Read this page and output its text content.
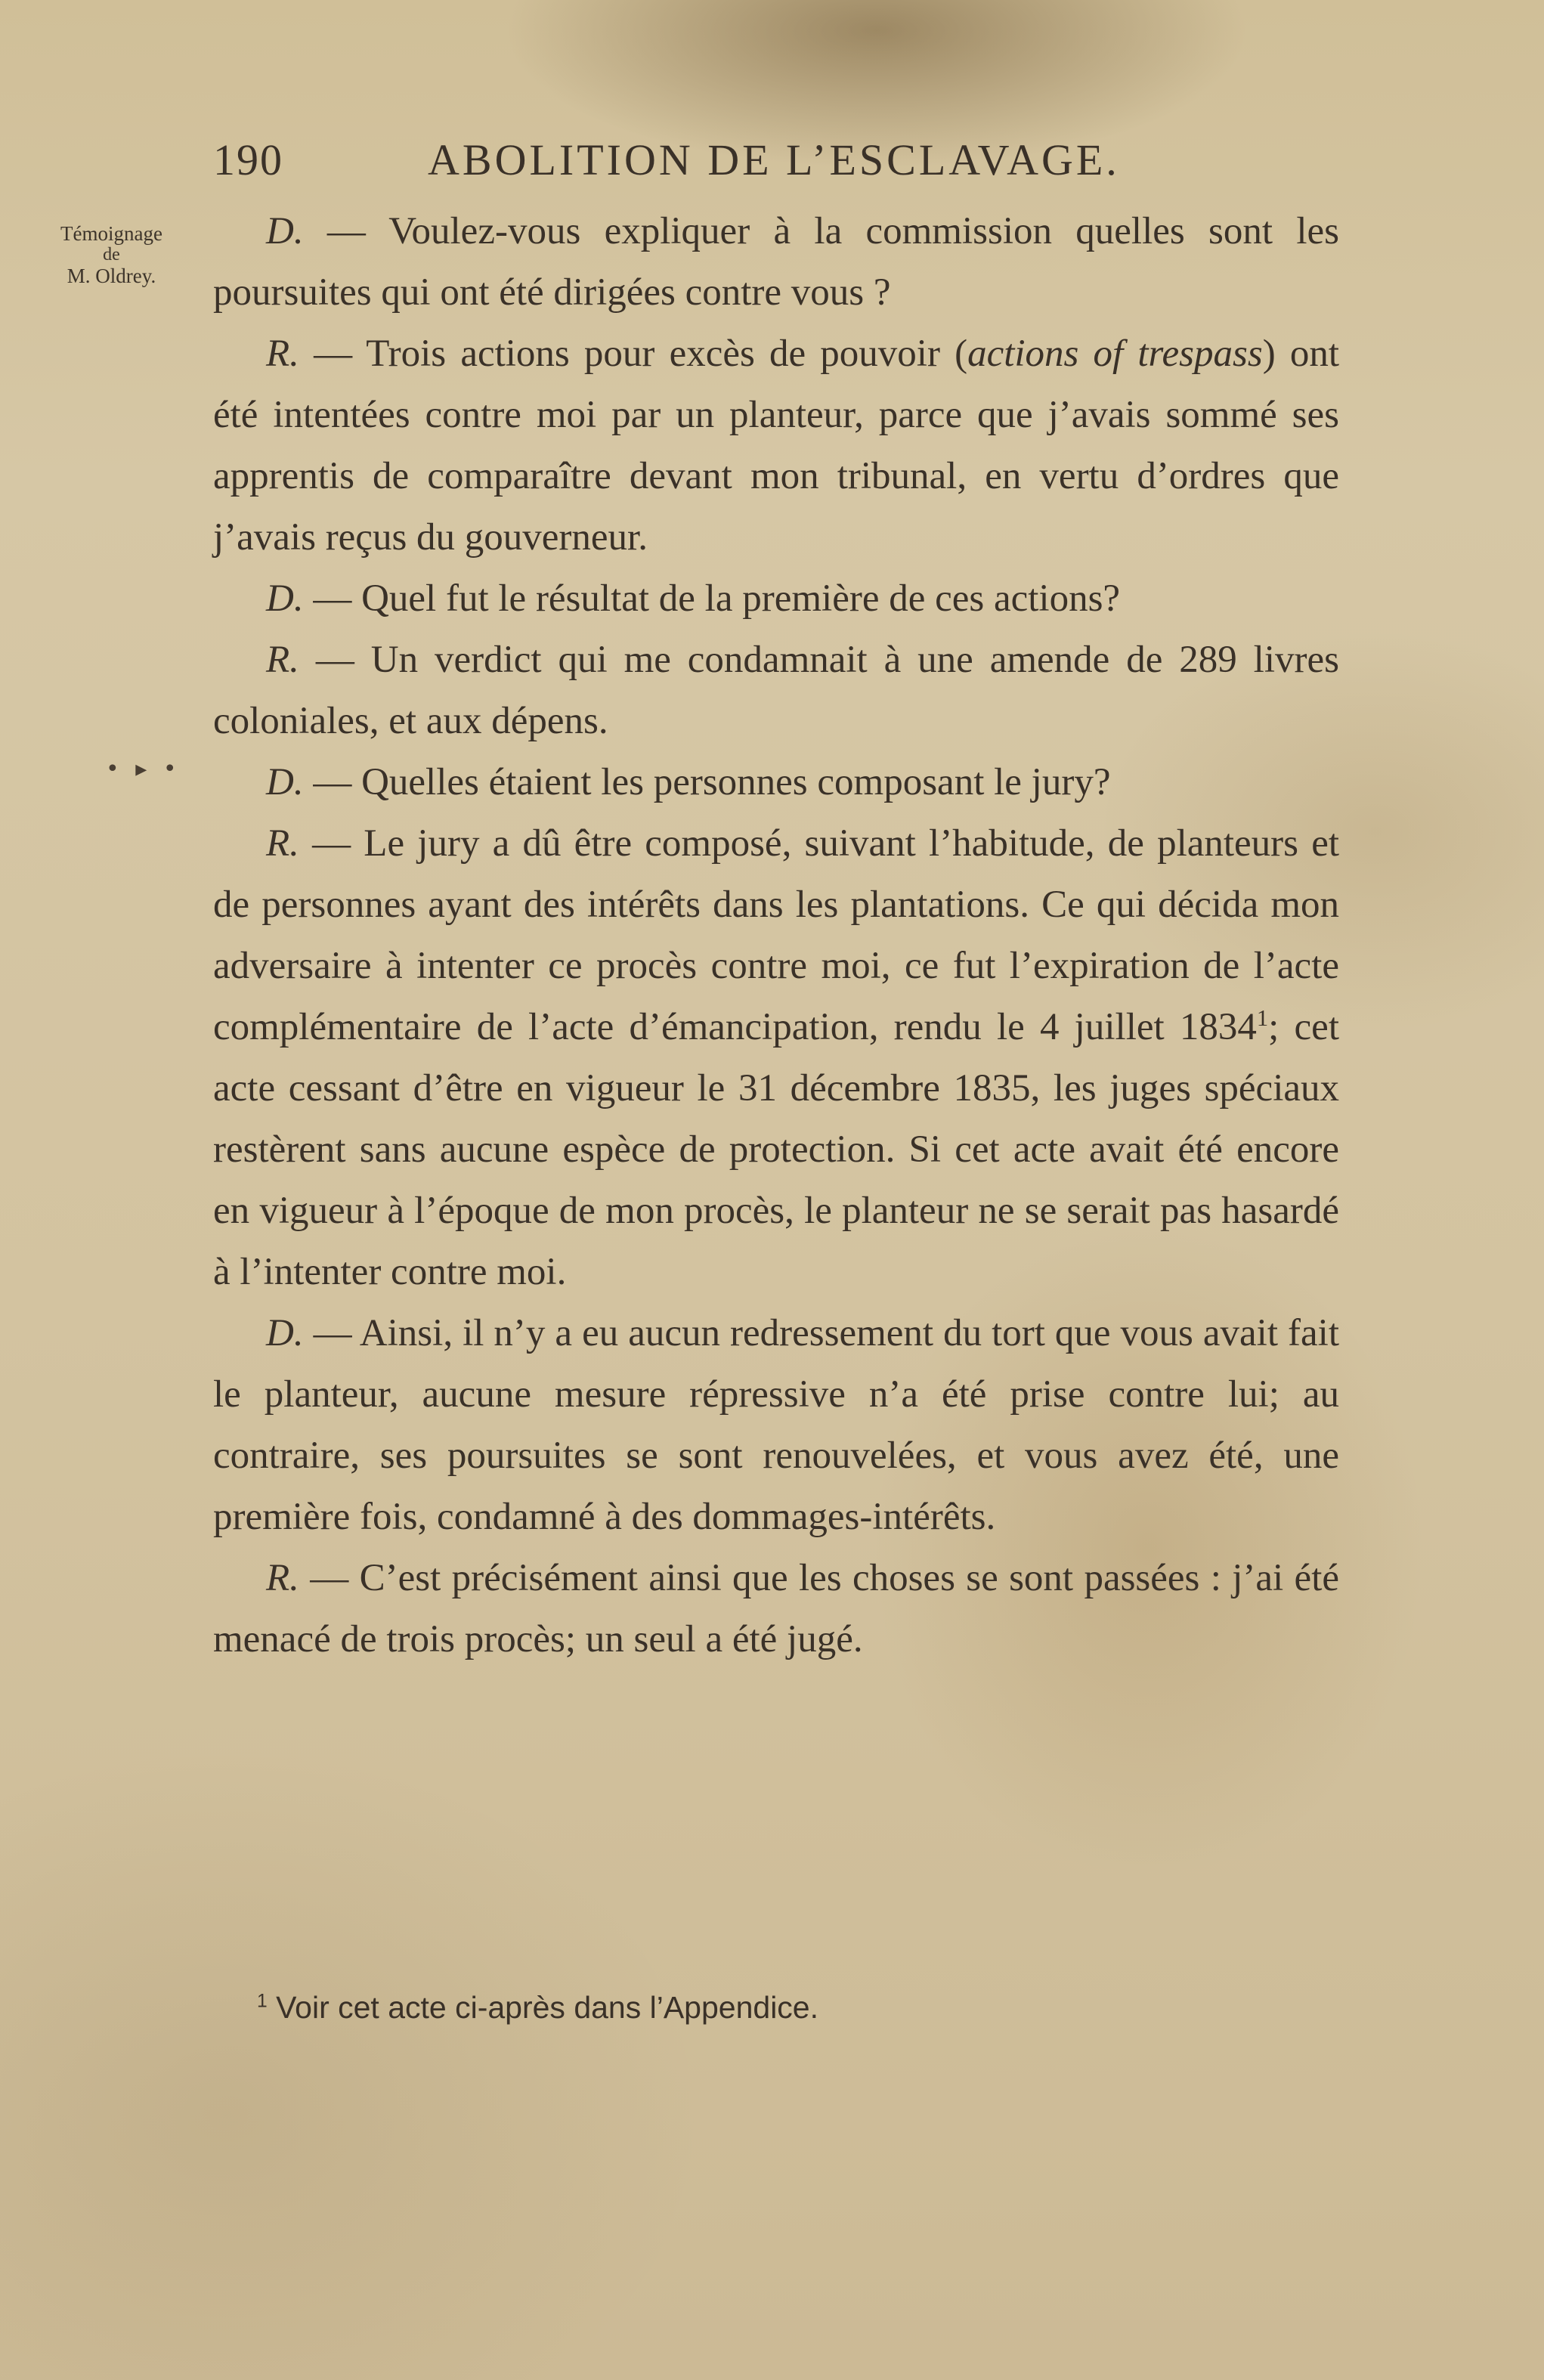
190	ABOLITION DE L’ESCLAVAGE.
Témoignage
de
M. Oldrey.
• ▸ •

D. — Voulez-vous expliquer à la commission quelles sont les poursuites qui ont été dirigées contre vous ?

R. — Trois actions pour excès de pouvoir (actions of trespass) ont été intentées contre moi par un planteur, parce que j’avais sommé ses apprentis de comparaître devant mon tribunal, en vertu d’ordres que j’avais reçus du gouverneur.

D. — Quel fut le résultat de la première de ces actions?

R. — Un verdict qui me condamnait à une amende de 289 livres coloniales, et aux dépens.

D. — Quelles étaient les personnes composant le jury?

R. — Le jury a dû être composé, suivant l’habitude, de planteurs et de personnes ayant des intérêts dans les plantations. Ce qui décida mon adversaire à intenter ce procès contre moi, ce fut l’expiration de l’acte complémentaire de l’acte d’émancipation, rendu le 4 juillet 1834$^1$; cet acte cessant d’être en vigueur le 31 décembre 1835, les juges spéciaux restèrent sans aucune espèce de protection. Si cet acte avait été encore en vigueur à l’époque de mon procès, le planteur ne se serait pas hasardé à l’intenter contre moi.

D. — Ainsi, il n’y a eu aucun redressement du tort que vous avait fait le planteur, aucune mesure répressive n’a été prise contre lui; au contraire, ses poursuites se sont renouvelées, et vous avez été, une première fois, condamné à des dommages-intérêts.

R. — C’est précisément ainsi que les choses se sont passées : j’ai été menacé de trois procès; un seul a été jugé.

$^1$ Voir cet acte ci-après dans l’Appendice.
